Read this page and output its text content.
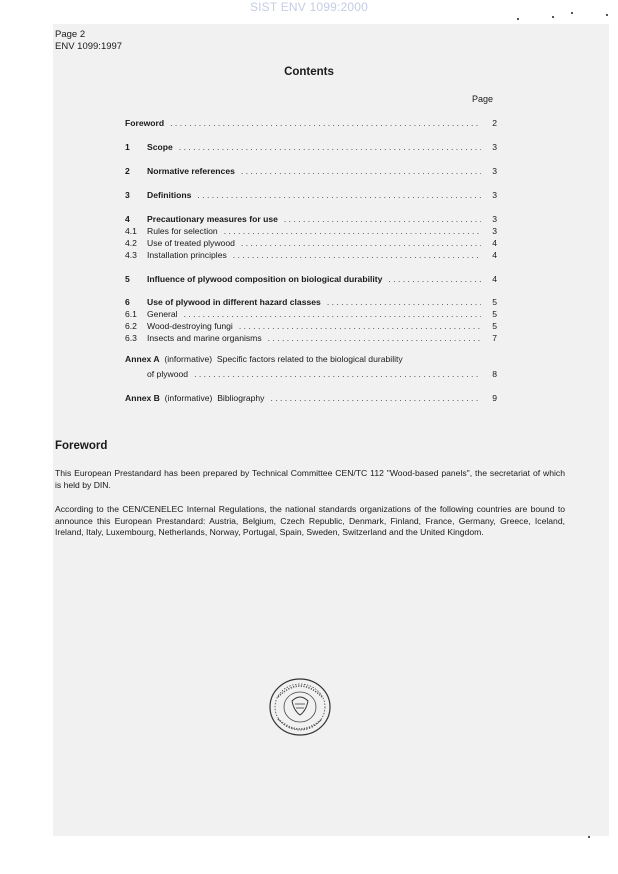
SIST ENV 1099:2000
Page 2
ENV 1099:1997
Contents
Page
Foreword . . .	2
1	Scope . . .	3
2	Normative references . . .	3
3	Definitions . . .	3
4	Precautionary measures for use . . .	3
4.1	Rules for selection . . .	3
4.2	Use of treated plywood . . .	4
4.3	Installation principles . . .	4
5	Influence of plywood composition on biological durability . . .	4
6	Use of plywood in different hazard classes . . .	5
6.1	General . . .	5
6.2	Wood-destroying fungi . . .	5
6.3	Insects and marine organisms . . .	7
Annex A (informative) Specific factors related to the biological durability
of plywood . . .	8
Annex B (informative) Bibliography . . .	9
Foreword
This European Prestandard has been prepared by Technical Committee CEN/TC 112 "Wood-based panels", the secretariat of which is held by DIN.
According to the CEN/CENELEC Internal Regulations, the national standards organizations of the following countries are bound to announce this European Prestandard: Austria, Belgium, Czech Republic, Denmark, Finland, France, Germany, Greece, Iceland, Ireland, Italy, Luxembourg, Netherlands, Norway, Portugal, Spain, Sweden, Switzerland and the United Kingdom.
